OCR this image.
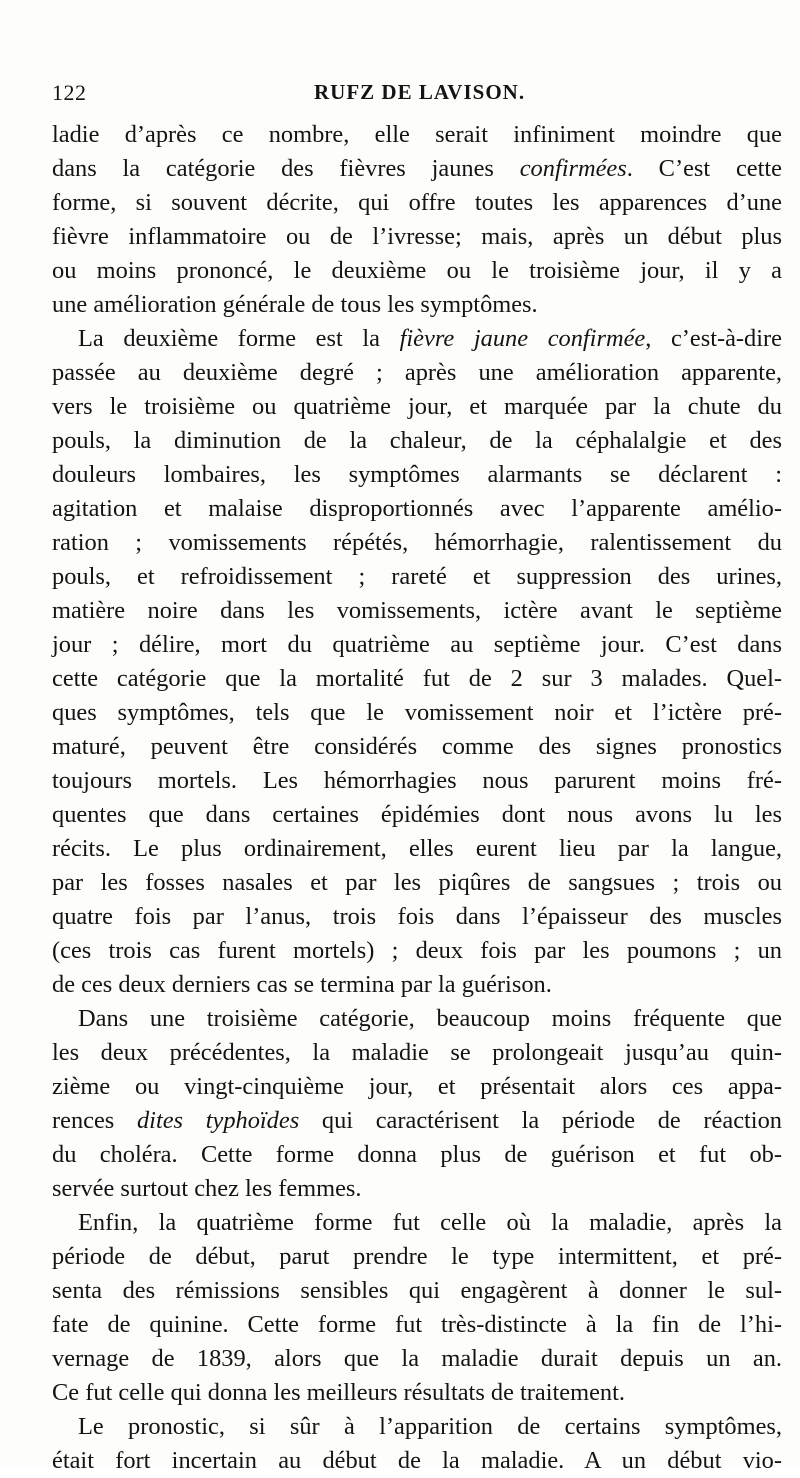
122	RUFZ DE LAVISON.
ladie d’après ce nombre, elle serait infiniment moindre que
dans la catégorie des fièvres jaunes confirmées. C’est cette
forme, si souvent décrite, qui offre toutes les apparences d’une
fièvre inflammatoire ou de l’ivresse; mais, après un début plus
ou moins prononcé, le deuxième ou le troisième jour, il y a
une amélioration générale de tous les symptômes.
La deuxième forme est la fièvre jaune confirmée, c’est-à-dire
passée au deuxième degré ; après une amélioration apparente,
vers le troisième ou quatrième jour, et marquée par la chute du
pouls, la diminution de la chaleur, de la céphalalgie et des
douleurs lombaires, les symptômes alarmants se déclarent :
agitation et malaise disproportionnés avec l’apparente amélio-
ration ; vomissements répétés, hémorrhagie, ralentissement du
pouls, et refroidissement ; rareté et suppression des urines,
matière noire dans les vomissements, ictère avant le septième
jour ; délire, mort du quatrième au septième jour. C’est dans
cette catégorie que la mortalité fut de 2 sur 3 malades. Quel-
ques symptômes, tels que le vomissement noir et l’ictère pré-
maturé, peuvent être considérés comme des signes pronostics
toujours mortels. Les hémorrhagies nous parurent moins fré-
quentes que dans certaines épidémies dont nous avons lu les
récits. Le plus ordinairement, elles eurent lieu par la langue,
par les fosses nasales et par les piqûres de sangsues ; trois ou
quatre fois par l’anus, trois fois dans l’épaisseur des muscles
(ces trois cas furent mortels) ; deux fois par les poumons ; un
de ces deux derniers cas se termina par la guérison.
Dans une troisième catégorie, beaucoup moins fréquente que
les deux précédentes, la maladie se prolongeait jusqu’au quin-
zième ou vingt-cinquième jour, et présentait alors ces appa-
rences dites typhoïdes qui caractérisent la période de réaction
du choléra. Cette forme donna plus de guérison et fut ob-
servée surtout chez les femmes.
Enfin, la quatrième forme fut celle où la maladie, après la
période de début, parut prendre le type intermittent, et pré-
senta des rémissions sensibles qui engagèrent à donner le sul-
fate de quinine. Cette forme fut très-distincte à la fin de l’hi-
vernage de 1839, alors que la maladie durait depuis un an.
Ce fut celle qui donna les meilleurs résultats de traitement.
Le pronostic, si sûr à l’apparition de certains symptômes,
était fort incertain au début de la maladie. A un début vio-
